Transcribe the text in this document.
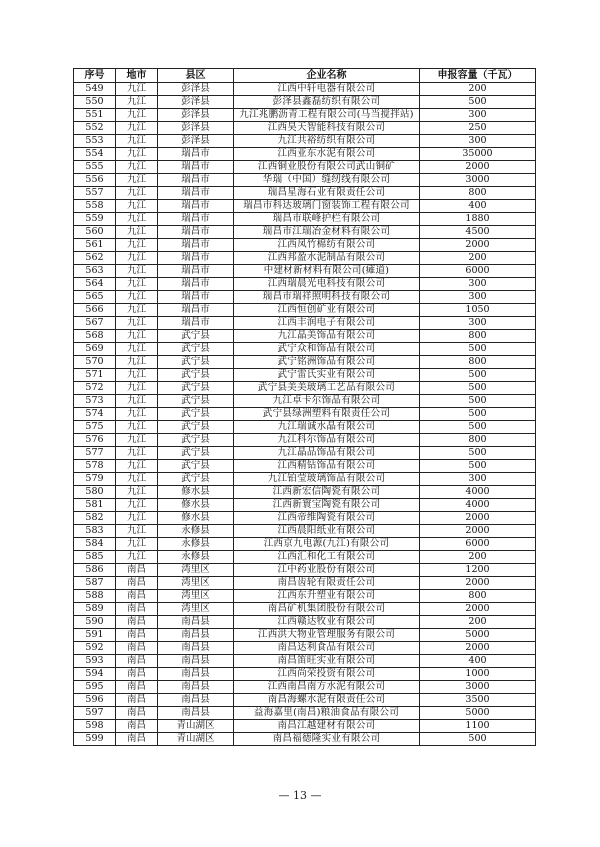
序号	地市	县区	企业名称	申报容量（千瓦）
549	九江	彭泽县	江西中轩电器有限公司	200
550	九江	彭泽县	彭泽县鑫磊纺织有限公司	500
551	九江	彭泽县	九江兆鹏沥青工程有限公司(马当搅拌站)	300
552	九江	彭泽县	江西昊天智能科技有限公司	250
553	九江	彭泽县	九江共裕纺织有限公司	300
554	九江	瑞昌市	江西亚东水泥有限公司	35000
555	九江	瑞昌市	江西铜业股份有限公司武山铜矿	2000
556	九江	瑞昌市	华瑞（中国）缝纫线有限公司	3000
557	九江	瑞昌市	瑞昌星海石业有限责任公司	800
558	九江	瑞昌市	瑞昌市科达玻璃门窗装饰工程有限公司	400
559	九江	瑞昌市	瑞昌市联峰护栏有限公司	1880
560	九江	瑞昌市	瑞昌市江瑞冶金材料有限公司	4500
561	九江	瑞昌市	江西凤竹棉纺有限公司	2000
562	九江	瑞昌市	江西邦盈水泥制品有限公司	200
563	九江	瑞昌市	中建材新材料有限公司(瘫道)	6000
564	九江	瑞昌市	江西瑞晨光电科技有限公司	300
565	九江	瑞昌市	瑞昌市瑞祥照明科技有限公司	300
566	九江	瑞昌市	江西恒创矿业有限公司	1050
567	九江	瑞昌市	江西丰润电子有限公司	300
568	九江	武宁县	九江晶美饰品有限公司	800
569	九江	武宁县	武宁众和饰品有限公司	500
570	九江	武宁县	武宁铭洲饰品有限公司	800
571	九江	武宁县	武宁雷氏实业有限公司	500
572	九江	武宁县	武宁县美美玻璃工艺品有限公司	500
573	九江	武宁县	九江卓卡尔饰品有限公司	500
574	九江	武宁县	武宁县绿洲塑料有限责任公司	500
575	九江	武宁县	九江瑞诚水晶有限公司	500
576	九江	武宁县	九江科尔饰品有限公司	800
577	九江	武宁县	九江晶品饰品有限公司	500
578	九江	武宁县	江西精钻饰品有限公司	500
579	九江	武宁县	九江铂莹玻璃饰品有限公司	300
580	九江	修水县	江西新宏信陶瓷有限公司	4000
581	九江	修水县	江西新寰宝陶瓷有限公司	4000
582	九江	修水县	江西帝维陶瓷有限公司	2000
583	九江	永修县	江西晨阳纸业有限公司	2000
584	九江	永修县	江西京九电源(九江)有限公司	6000
585	九江	永修县	江西汇和化工有限公司	200
586	南昌	湾里区	江中药业股份有限公司	1200
587	南昌	湾里区	南昌齿轮有限责任公司	2000
588	南昌	湾里区	江西东升塑业有限公司	800
589	南昌	湾里区	南昌矿机集团股份有限公司	2000
590	南昌	南昌县	江西赣达牧业有限公司	200
591	南昌	南昌县	江西洪大物业管理服务有限公司	5000
592	南昌	南昌县	南昌达利食品有限公司	2000
593	南昌	南昌县	南昌笛旺实业有限公司	400
594	南昌	南昌县	江西尚荣投资有限公司	1000
595	南昌	南昌县	江西南昌南方水泥有限公司	3000
596	南昌	南昌县	南昌海螺水泥有限责任公司	3500
597	南昌	南昌县	益海嘉里(南昌)粮油食品有限公司	5000
598	南昌	青山湖区	南昌江越建材有限公司	1100
599	南昌	青山湖区	南昌福德隆实业有限公司	500
— 13 —
